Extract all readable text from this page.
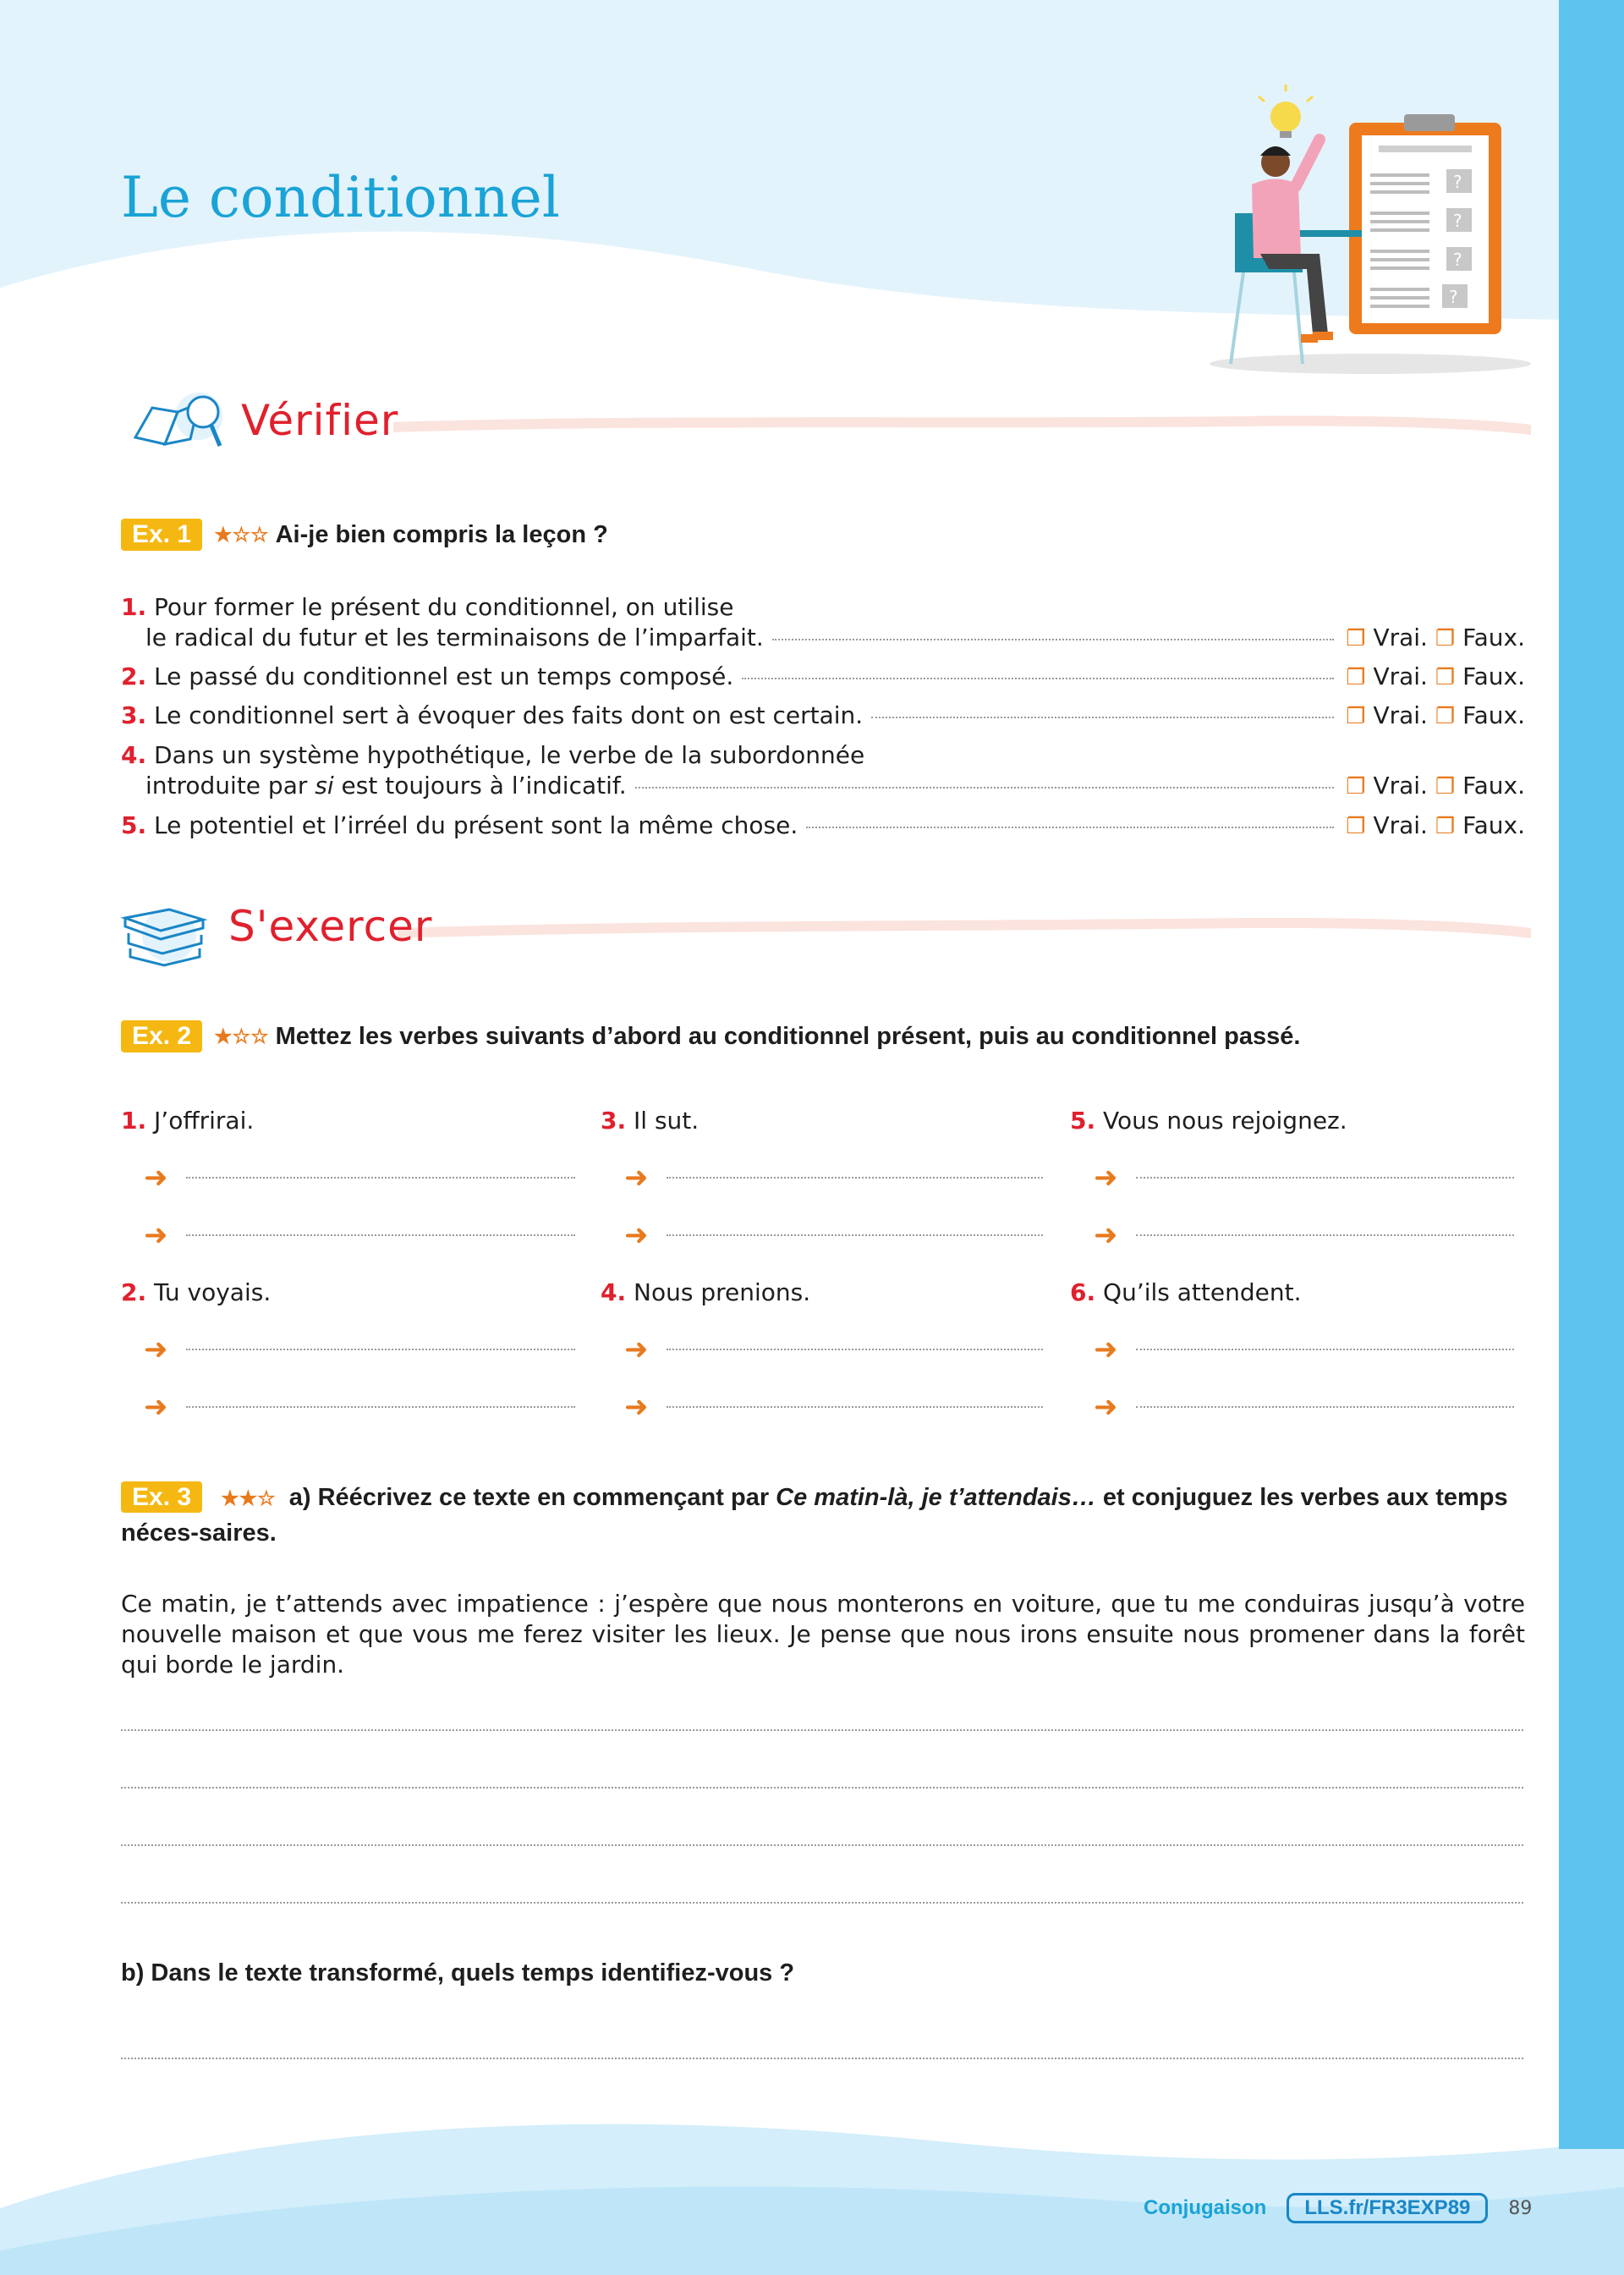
Le conditionnel	?
?
?
?
Vérifier
Ex. 1	★☆☆ Ai-je bien compris la leçon ?
1. Pour former le présent du conditionnel, on utilise
le radical du futur et les terminaisons de l’imparfait.	❐ Vrai. ❐ Faux.
2. Le passé du conditionnel est un temps composé.	❐ Vrai. ❐ Faux.
3. Le conditionnel sert à évoquer des faits dont on est certain.	❐ Vrai. ❐ Faux.
4. Dans un système hypothétique, le verbe de la subordonnée
introduite par si est toujours à l’indicatif.	❐ Vrai. ❐ Faux.
5. Le potentiel et l’irréel du présent sont la même chose.	❐ Vrai. ❐ Faux.
S'exercer
Ex. 2	★☆☆ Mettez les verbes suivants d’abord au conditionnel présent, puis au conditionnel passé.
1. J’offrirai.	3. Il sut.	5. Vous nous rejoignez.
➜
➜
➜
➜
➜
➜
2. Tu voyais.	4. Nous prenions.	6. Qu’ils attendent.
➜
➜
➜
➜
➜
➜
Ex. 3 ★★☆ a) Réécrivez ce texte en commençant par Ce matin-là, je t’attendais… et conjuguez les verbes aux temps néces-saires.

Ce matin, je t’attends avec impatience : j’espère que nous monterons en voiture, que tu me conduiras jusqu’à votre nouvelle maison et que vous me ferez visiter les lieux. Je pense que nous irons ensuite nous promener dans la forêt qui borde le jardin.

b) Dans le texte transformé, quels temps identifiez-vous ?
Conjugaison	LLS.fr/FR3EXP89	89
